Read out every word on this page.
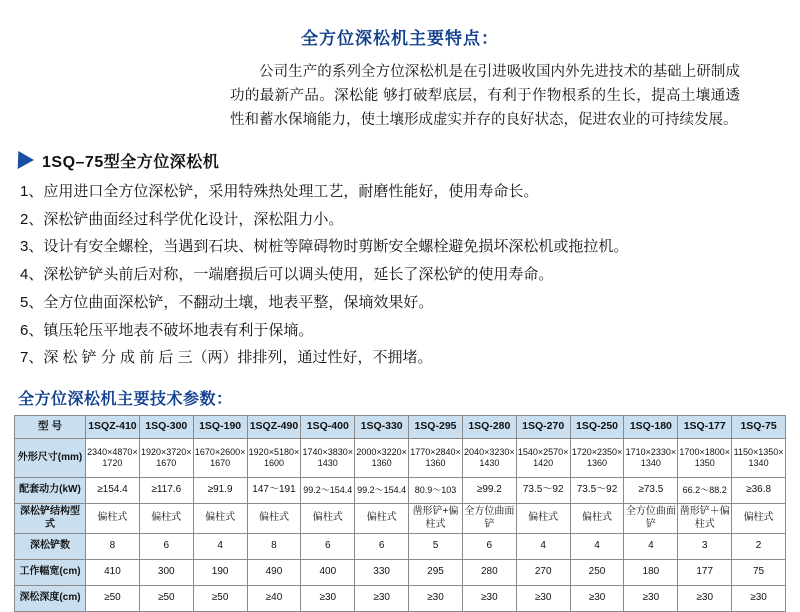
全方位深松机主要特点：
公司生产的系列全方位深松机是在引进吸收国内外先进技术的基础上研制成功的最新产品。深松能 够打破犁底层，有利于作物根系的生长，提高土壤通透性和蓄水保墒能力，使土壤形成虚实并存的良好状态，促进农业的可持续发展。
1SQ–75型全方位深松机
1、应用进口全方位深松铲，采用特殊热处理工艺，耐磨性能好，使用寿命长。
2、深松铲曲面经过科学优化设计，深松阻力小。
3、设计有安全螺栓，当遇到石块、树桩等障碍物时剪断安全螺栓避免损坏深松机或拖拉机。
4、深松铲铲头前后对称，一端磨损后可以调头使用，延长了深松铲的使用寿命。
5、全方位曲面深松铲，不翻动土壤，地表平整，保墒效果好。
6、镇压轮压平地表不破坏地表有利于保墒。
7、深 松 铲 分 成 前 后 三（两）排排列，通过性好，不拥堵。
全方位深松机主要技术参数：
型 号	1SQZ-410	1SQ-300	1SQ-190	1SQZ-490	1SQ-400	1SQ-330	1SQ-295	1SQ-280	1SQ-270	1SQ-250	1SQ-180	1SQ-177	1SQ-75
外形尺寸(mm)	2340×4870×1720	1920×3720×1670	1670×2600×1670	1920×5180×1600	1740×3830×1430	2000×3220×1360	1770×2840×1360	2040×3230×1430	1540×2570×1420	1720×2350×1360	1710×2330×1340	1700×1800×1350	1150×1350×1340
配套动力(kW)	≥154.4	≥117.6	≥91.9	147～191	99.2～154.4	99.2～154.4	80.9～103	≥99.2	73.5～92	73.5～92	≥73.5	66.2～88.2	≥36.8
深松铲结构型式	偏柱式	偏柱式	偏柱式	偏柱式	偏柱式	偏柱式	凿形铲+偏柱式	全方位曲面铲	偏柱式	偏柱式	全方位曲面铲	凿形铲＋偏柱式	偏柱式
深松铲数	8	6	4	8	6	6	5	6	4	4	4	3	2
工作幅宽(cm)	410	300	190	490	400	330	295	280	270	250	180	177	75
深松深度(cm)	≥50	≥50	≥50	≥40	≥30	≥30	≥30	≥30	≥30	≥30	≥30	≥30	≥30
